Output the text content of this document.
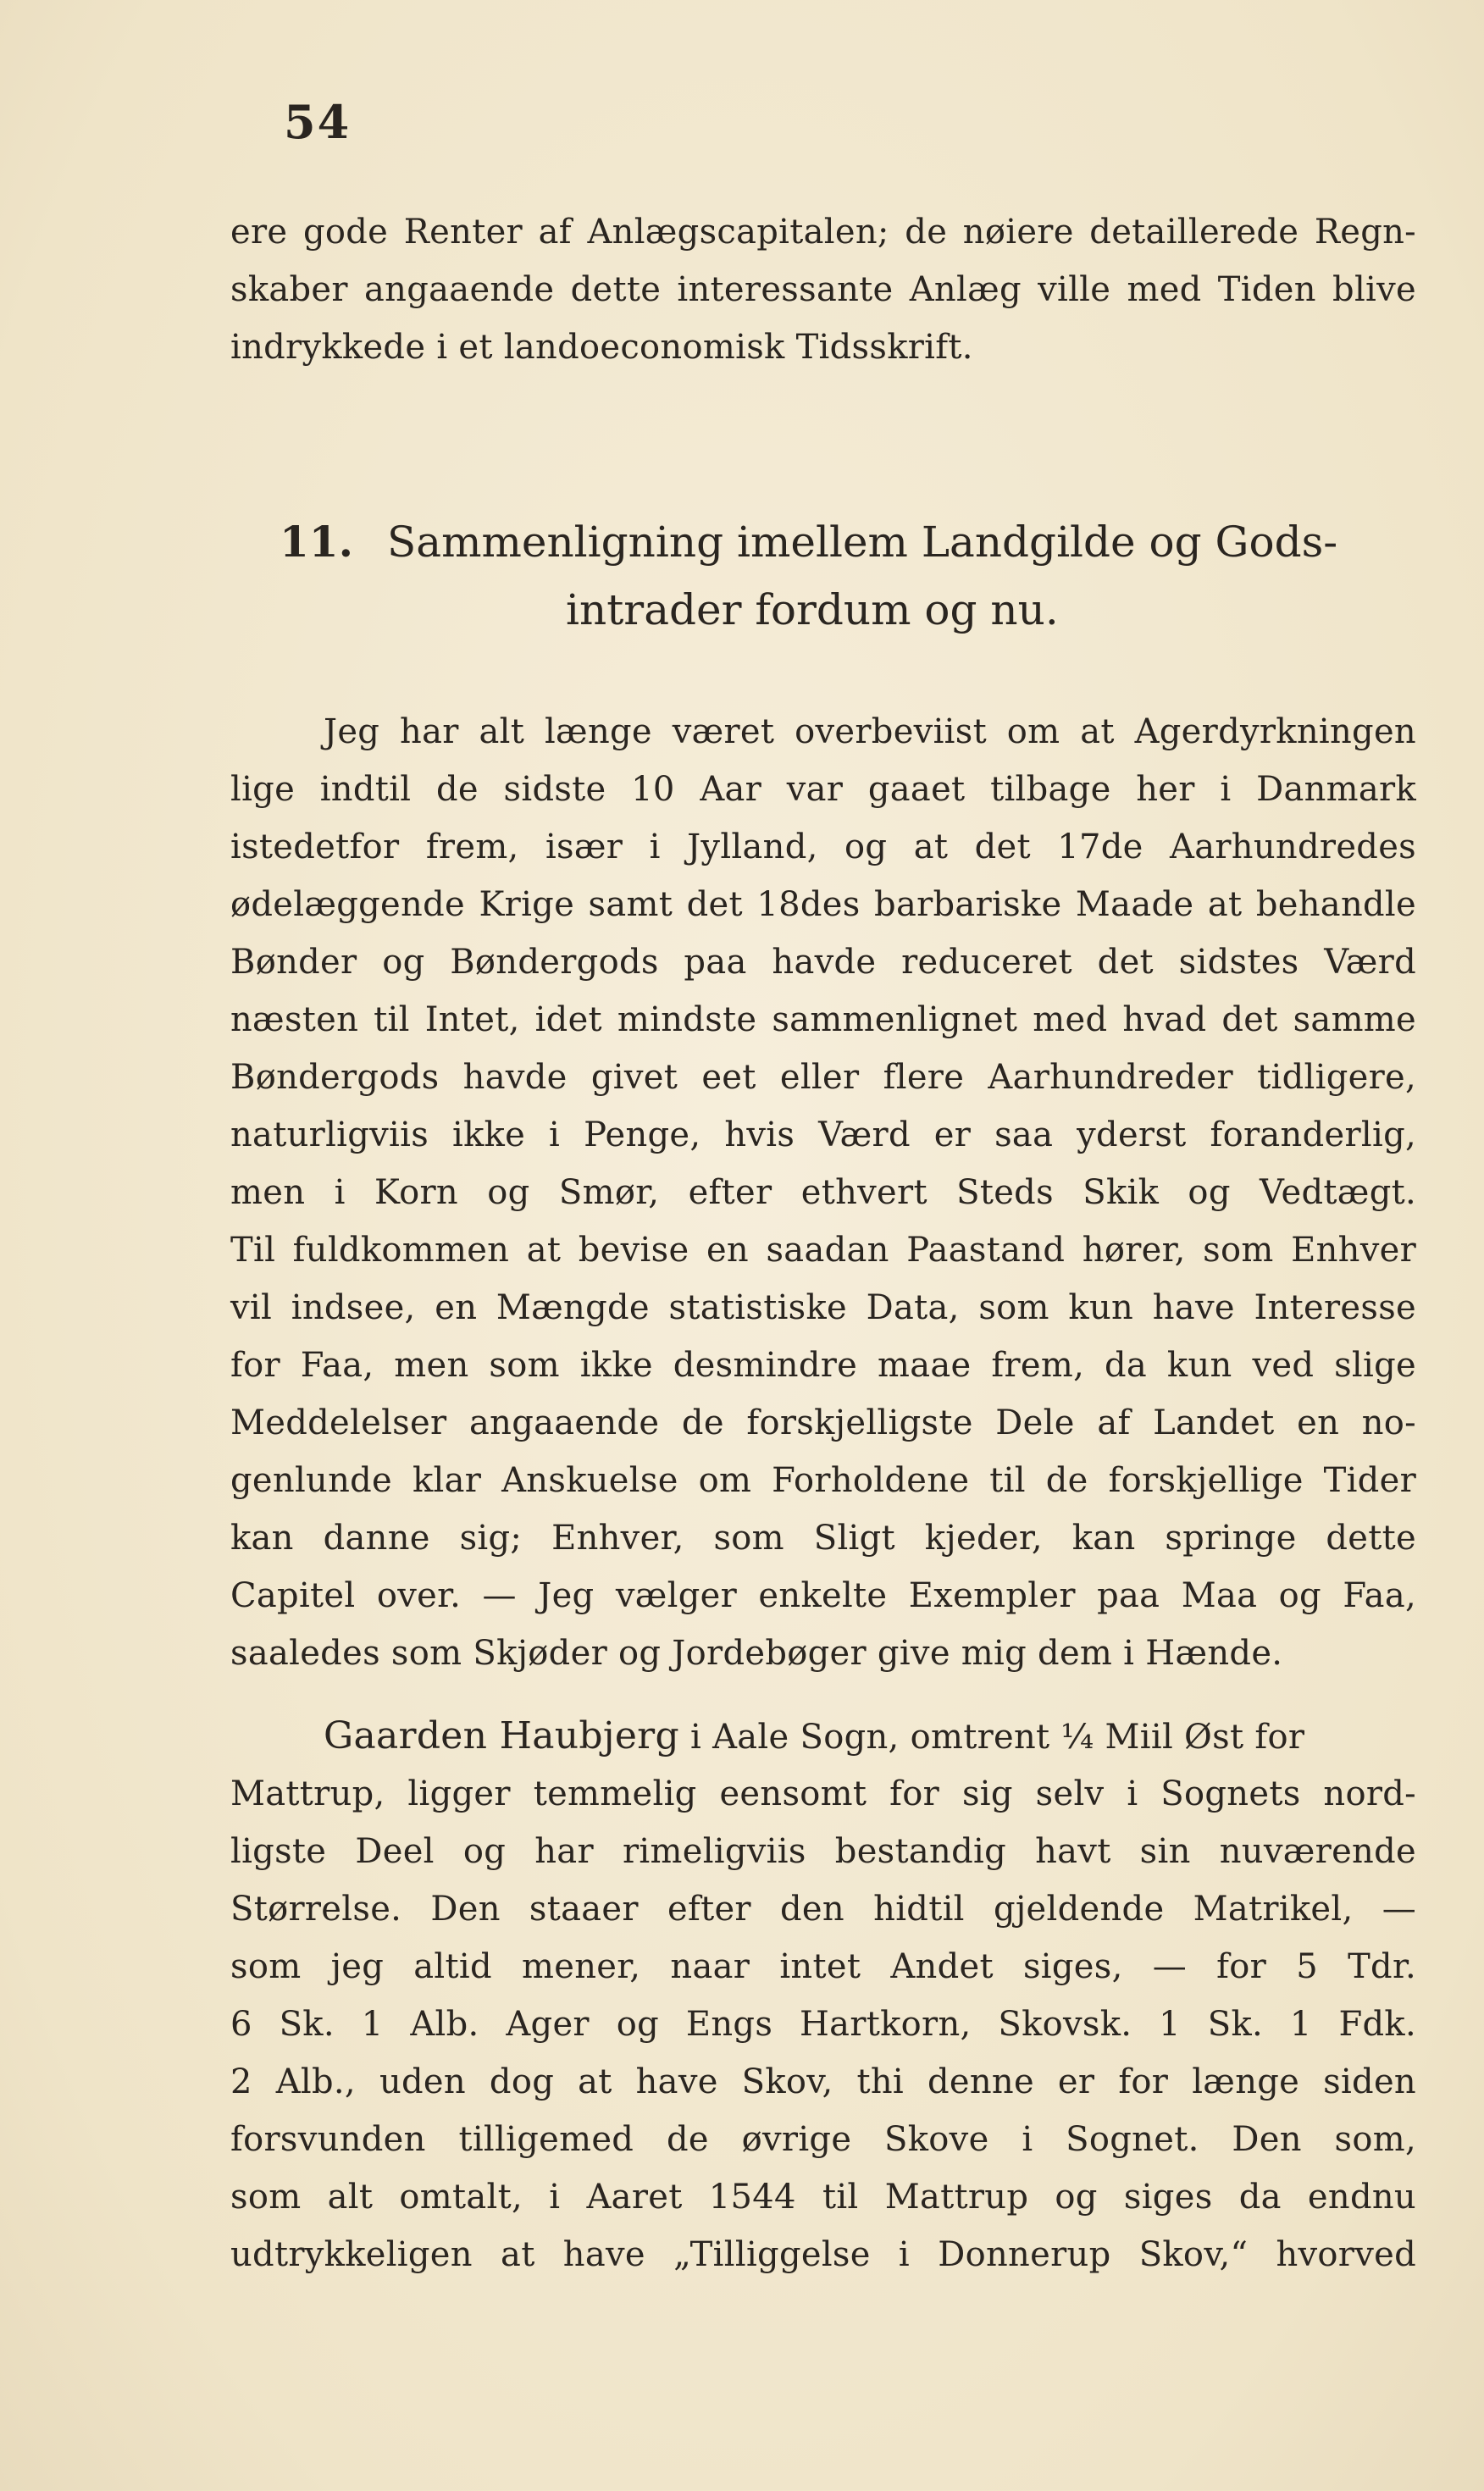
54
ere gode Renter af Anlægscapitalen; de nøiere detaillerede Regn-
skaber angaaende dette interessante Anlæg ville med Tiden blive
indrykkede i et landoeconomisk Tidsskrift.
11. Sammenligning imellem Landgilde og Gods-
intrader fordum og nu.
Jeg har alt længe været overbeviist om at Agerdyrkningen
lige indtil de sidste 10 Aar var gaaet tilbage her i Danmark
istedetfor frem, især i Jylland, og at det 17de Aarhundredes
ødelæggende Krige samt det 18des barbariske Maade at behandle
Bønder og Bøndergods paa havde reduceret det sidstes Værd
næsten til Intet, idet mindste sammenlignet med hvad det samme
Bøndergods havde givet eet eller flere Aarhundreder tidligere,
naturligviis ikke i Penge, hvis Værd er saa yderst foranderlig,
men i Korn og Smør, efter ethvert Steds Skik og Vedtægt.
Til fuldkommen at bevise en saadan Paastand hører, som Enhver
vil indsee, en Mængde statistiske Data, som kun have Interesse
for Faa, men som ikke desmindre maae frem, da kun ved slige
Meddelelser angaaende de forskjelligste Dele af Landet en no-
genlunde klar Anskuelse om Forholdene til de forskjellige Tider
kan danne sig; Enhver, som Sligt kjeder, kan springe dette
Capitel over. — Jeg vælger enkelte Exempler paa Maa og Faa,
saaledes som Skjøder og Jordebøger give mig dem i Hænde.
Gaarden Haubjerg i Aale Sogn, omtrent ¼ Miil Øst for
Mattrup, ligger temmelig eensomt for sig selv i Sognets nord-
ligste Deel og har rimeligviis bestandig havt sin nuværende
Størrelse. Den staaer efter den hidtil gjeldende Matrikel, —
som jeg altid mener, naar intet Andet siges, — for 5 Tdr.
6 Sk. 1 Alb. Ager og Engs Hartkorn, Skovsk. 1 Sk. 1 Fdk.
2 Alb., uden dog at have Skov, thi denne er for længe siden
forsvunden tilligemed de øvrige Skove i Sognet. Den som,
som alt omtalt, i Aaret 1544 til Mattrup og siges da endnu
udtrykkeligen at have „Tilliggelse i Donnerup Skov,“ hvorved
